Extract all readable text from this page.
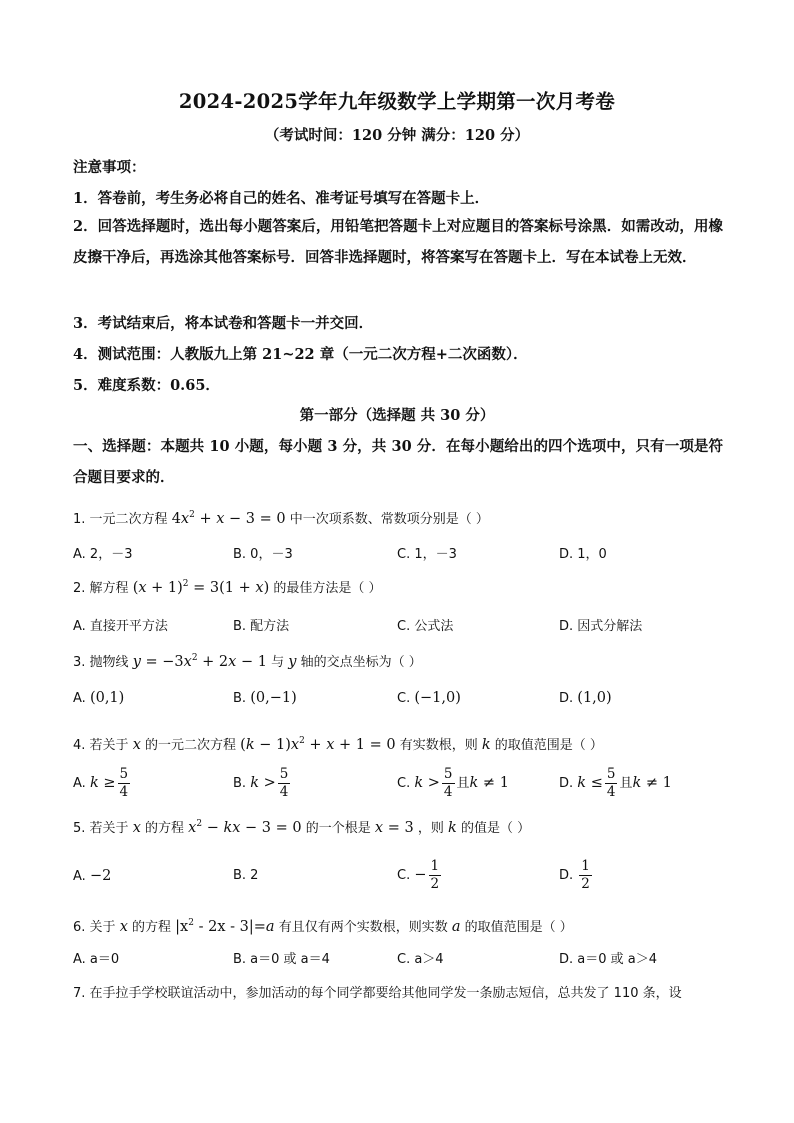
2024-2025学年九年级数学上学期第一次月考卷
（考试时间：120 分钟 满分：120 分）
注意事项：
1．答卷前，考生务必将自己的姓名、准考证号填写在答题卡上．
2．回答选择题时，选出每小题答案后，用铅笔把答题卡上对应题目的答案标号涂黑．如需改动，用橡皮擦干净后，再选涂其他答案标号．回答非选择题时，将答案写在答题卡上．写在本试卷上无效．
3．考试结束后，将本试卷和答题卡一并交回．
4．测试范围：人教版九上第 21~22 章（一元二次方程+二次函数）．
5．难度系数：0.65．
第一部分（选择题 共 30 分）
一、选择题：本题共 10 小题，每小题 3 分，共 30 分．在每小题给出的四个选项中，只有一项是符合题目要求的．
1. 一元二次方程 $4x^2 + x - 3 = 0$ 中一次项系数、常数项分别是（ ）
A. 2，－3	B. 0，－3	C. 1，－3	D. 1，0
2. 解方程 $(x + 1)^2 = 3(1 + x)$ 的最佳方法是（ ）
A. 直接开平方法	B. 配方法	C. 公式法	D. 因式分解法
3. 抛物线 $y = -3x^2 + 2x - 1$ 与 y 轴的交点坐标为（ ）
A. (0,1)	B. (0,−1)	C. (−1,0)	D. (1,0)
4. 若关于 x 的一元二次方程 $(k - 1)x^2 + x + 1 = 0$ 有实数根，则 k 的取值范围是（ ）
A. $k \ge \frac{5}{4}$	B. $k > \frac{5}{4}$	C. $k > \frac{5}{4}$ 且k ≠ 1	D. $k \le \frac{5}{4}$ 且k ≠ 1
5. 若关于 x 的方程 $x^2$ − kx − 3 = 0 的一个根是 x = 3 ，则 k 的值是（ ）
A. −2	B. 2	C. − $\frac{1}{2}$	D. $\frac{1}{2}$
6. 关于 x 的方程 $|x^2 - 2x - 3|=a$ 有且仅有两个实数根，则实数 a 的取值范围是（ ）
A. a＝0	B. a＝0 或 a＝4	C. a＞4	D. a＝0 或 a＞4
7. 在手拉手学校联谊活动中，参加活动的每个同学都要给其他同学发一条励志短信，总共发了 110 条，设
